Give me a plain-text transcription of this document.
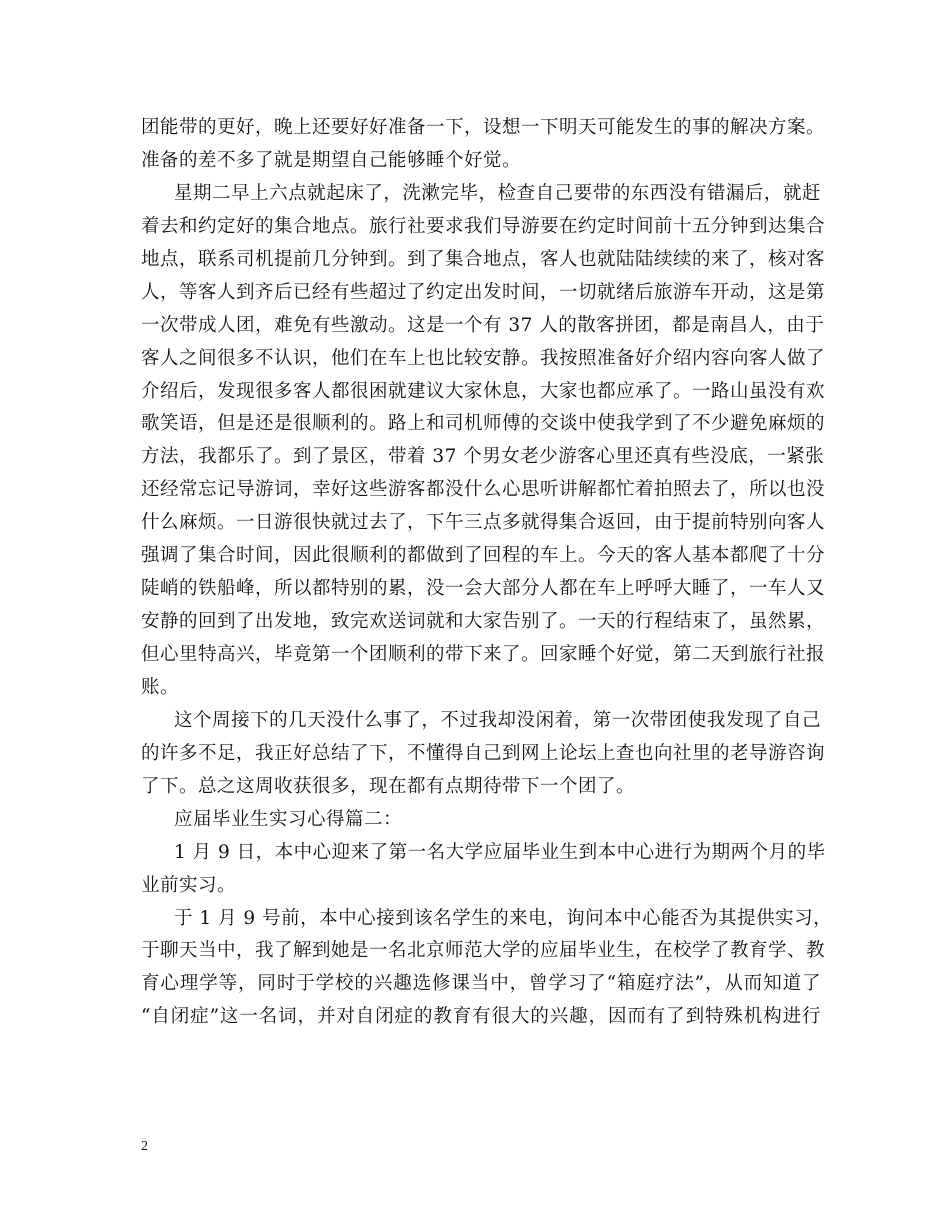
团能带的更好，晚上还要好好准备一下，设想一下明天可能发生的事的解决方案。
准备的差不多了就是期望自己能够睡个好觉。
星期二早上六点就起床了，洗漱完毕，检查自己要带的东西没有错漏后，就赶
着去和约定好的集合地点。旅行社要求我们导游要在约定时间前十五分钟到达集合
地点，联系司机提前几分钟到。到了集合地点，客人也就陆陆续续的来了，核对客
人，等客人到齐后已经有些超过了约定出发时间，一切就绪后旅游车开动，这是第
一次带成人团，难免有些激动。这是一个有 37 人的散客拼团，都是南昌人，由于
客人之间很多不认识，他们在车上也比较安静。我按照准备好介绍内容向客人做了
介绍后，发现很多客人都很困就建议大家休息，大家也都应承了。一路山虽没有欢
歌笑语，但是还是很顺利的。路上和司机师傅的交谈中使我学到了不少避免麻烦的
方法，我都乐了。到了景区，带着 37 个男女老少游客心里还真有些没底，一紧张
还经常忘记导游词，幸好这些游客都没什么心思听讲解都忙着拍照去了，所以也没
什么麻烦。一日游很快就过去了，下午三点多就得集合返回，由于提前特别向客人
强调了集合时间，因此很顺利的都做到了回程的车上。今天的客人基本都爬了十分
陡峭的铁船峰，所以都特别的累，没一会大部分人都在车上呼呼大睡了，一车人又
安静的回到了出发地，致完欢送词就和大家告别了。一天的行程结束了，虽然累，
但心里特高兴，毕竟第一个团顺利的带下来了。回家睡个好觉，第二天到旅行社报
账。
这个周接下的几天没什么事了，不过我却没闲着，第一次带团使我发现了自己
的许多不足，我正好总结了下，不懂得自己到网上论坛上查也向社里的老导游咨询
了下。总之这周收获很多，现在都有点期待带下一个团了。
应届毕业生实习心得篇二：
1 月 9 日，本中心迎来了第一名大学应届毕业生到本中心进行为期两个月的毕
业前实习。
于 1 月 9 号前，本中心接到该名学生的来电，询问本中心能否为其提供实习，
于聊天当中，我了解到她是一名北京师范大学的应届毕业生，在校学了教育学、教
育心理学等，同时于学校的兴趣选修课当中，曾学习了“箱庭疗法”，从而知道了
“自闭症”这一名词，并对自闭症的教育有很大的兴趣，因而有了到特殊机构进行
2
